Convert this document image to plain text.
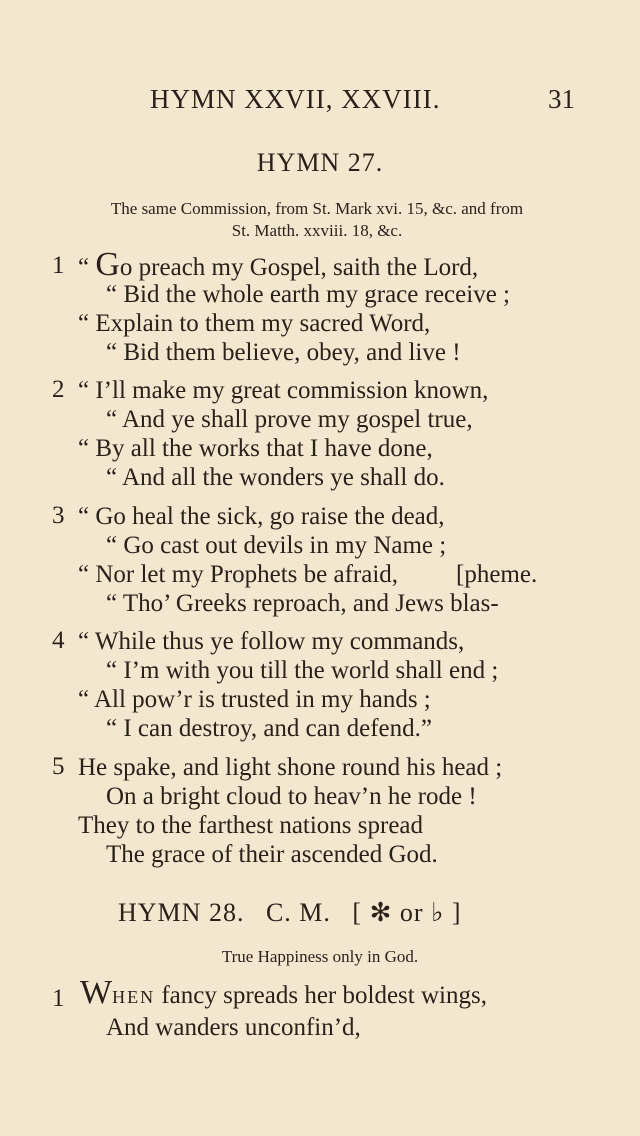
HYMN XXVII, XXVIII.	31
HYMN 27.
The same Commission, from St. Mark xvi. 15, &c. and from
St. Matth. xxviii. 18, &c.
1 “ Go preach my Gospel, saith the Lord,
“ Bid the whole earth my grace receive ;
“ Explain to them my sacred Word,
“ Bid them believe, obey, and live !
2 “ I’ll make my great commission known,
“ And ye shall prove my gospel true,
“ By all the works that I have done,
“ And all the wonders ye shall do.
3 “ Go heal the sick, go raise the dead,
“ Go cast out devils in my Name ;
“ Nor let my Prophets be afraid, [pheme.
“ Tho’ Greeks reproach, and Jews blas-
4 “ While thus ye follow my commands,
“ I’m with you till the world shall end ;
“ All pow’r is trusted in my hands ;
“ I can destroy, and can defend.”
5 He spake, and light shone round his head ;
On a bright cloud to heav’n he rode !
They to the farthest nations spread
The grace of their ascended God.
HYMN 28. C. M. [ ✻ or ♭ ]
True Happiness only in God.
1 When fancy spreads her boldest wings,
And wanders unconfin’d,
